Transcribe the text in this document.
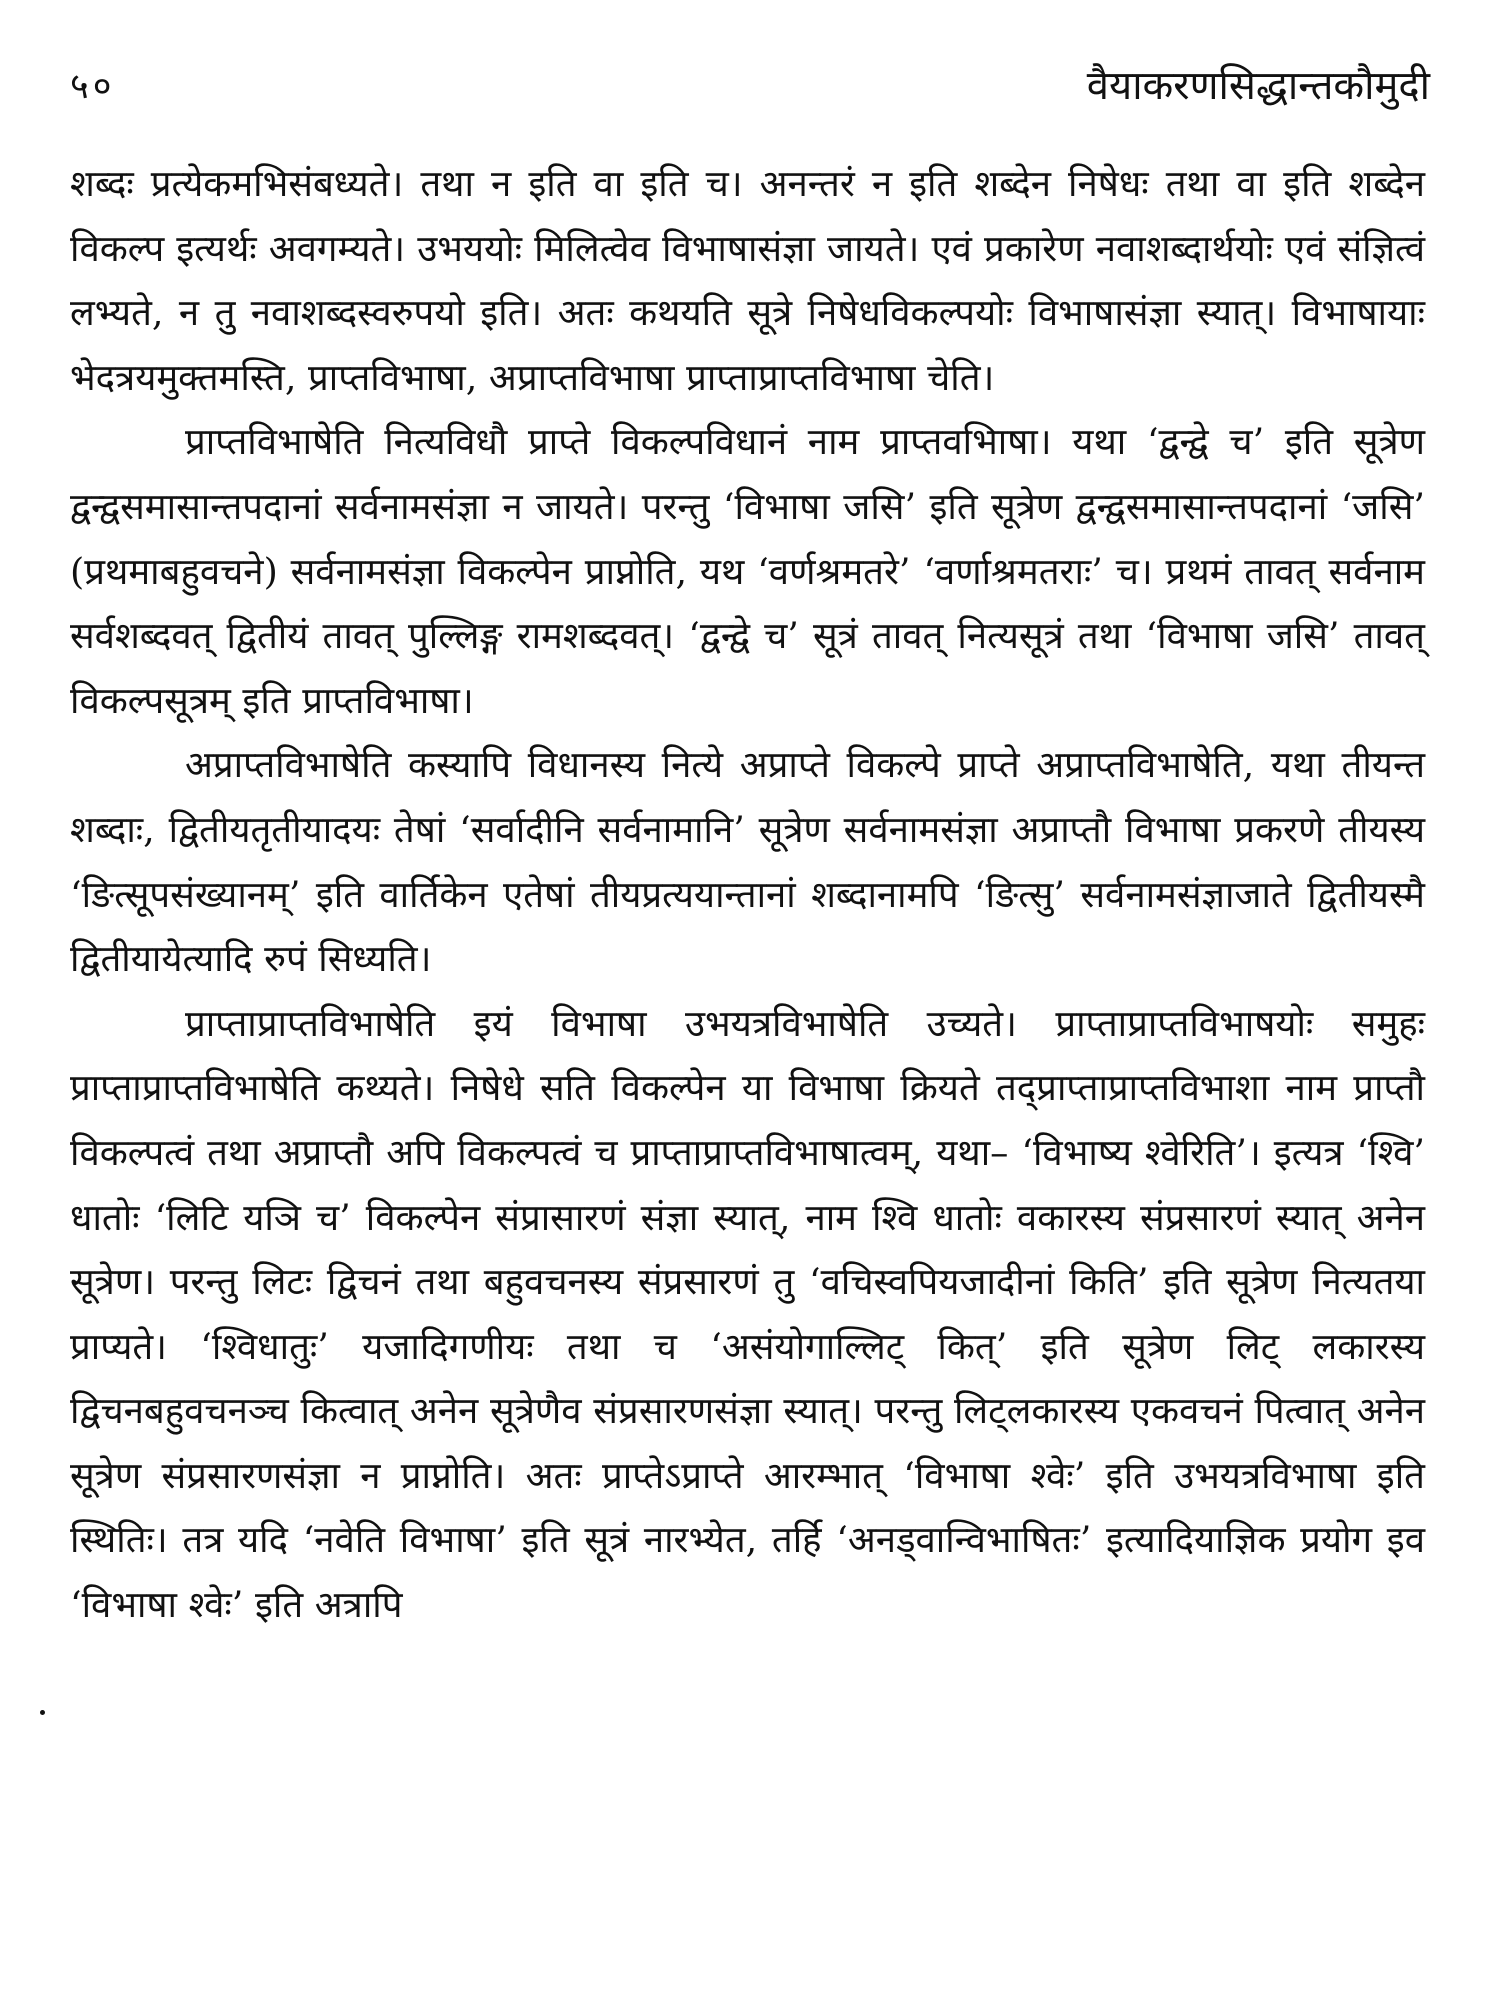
५०	वैयाकरणसिद्धान्तकौमुदी

शब्दः प्रत्येकमभिसंबध्यते। तथा न इति वा इति च। अनन्तरं न इति शब्देन निषेधः तथा वा इति शब्देन विकल्प इत्यर्थः अवगम्यते। उभययोः मिलित्वेव विभाषासंज्ञा जायते। एवं प्रकारेण नवाशब्दार्थयोः एवं संज्ञित्वं लभ्यते, न तु नवाशब्दस्वरुपयो इति। अतः कथयति सूत्रे निषेधविकल्पयोः विभाषासंज्ञा स्यात्। विभाषायाः भेदत्रयमुक्तमस्ति, प्राप्तविभाषा, अप्राप्तविभाषा प्राप्ताप्राप्तविभाषा चेति।

प्राप्तविभाषेति नित्यविधौ प्राप्ते विकल्पविधानं नाम प्राप्तवभिाषा। यथा ‘द्वन्द्वे च’ इति सूत्रेण द्वन्द्वसमासान्तपदानां सर्वनामसंज्ञा न जायते। परन्तु ‘विभाषा जसि’ इति सूत्रेण द्वन्द्वसमासान्तपदानां ‘जसि’ (प्रथमाबहुवचने) सर्वनामसंज्ञा विकल्पेन प्राप्नोति, यथ ‘वर्णश्रमतरे’ ‘वर्णाश्रमतराः’ च। प्रथमं तावत् सर्वनाम सर्वशब्दवत् द्वितीयं तावत् पुल्लिङ्ग रामशब्दवत्। ‘द्वन्द्वे च’ सूत्रं तावत् नित्यसूत्रं तथा ‘विभाषा जसि’ तावत् विकल्पसूत्रम् इति प्राप्तविभाषा।

अप्राप्तविभाषेति कस्यापि विधानस्य नित्ये अप्राप्ते विकल्पे प्राप्ते अप्राप्तविभाषेति, यथा तीयन्त शब्दाः, द्वितीयतृतीयादयः तेषां ‘सर्वादीनि सर्वनामानि’ सूत्रेण सर्वनामसंज्ञा अप्राप्तौ विभाषा प्रकरणे तीयस्य ‘ङित्सूपसंख्यानम्’ इति वार्तिकेन एतेषां तीयप्रत्ययान्तानां शब्दानामपि ‘ङित्सु’ सर्वनामसंज्ञाजाते द्वितीयस्मै द्वितीयायेत्यादि रुपं सिध्यति।

प्राप्ताप्राप्तविभाषेति इयं विभाषा उभयत्रविभाषेति उच्यते। प्राप्ताप्राप्तविभाषयोः समुहः प्राप्ताप्राप्तविभाषेति कथ्यते। निषेधे सति विकल्पेन या विभाषा क्रियते तद्प्राप्ताप्राप्तविभाशा नाम प्राप्तौ विकल्पत्वं तथा अप्राप्तौ अपि विकल्पत्वं च प्राप्ताप्राप्तविभाषात्वम्, यथा– ‘विभाष्य श्वेरिति’। इत्यत्र ‘श्वि’ धातोः ‘लिटि यञि च’ विकल्पेन संप्रासारणं संज्ञा स्यात्, नाम श्वि धातोः वकारस्य संप्रसारणं स्यात् अनेन सूत्रेण। परन्तु लिटः द्विचनं तथा बहुवचनस्य संप्रसारणं तु ‘वचिस्वपियजादीनां किति’ इति सूत्रेण नित्यतया प्राप्यते। ‘श्विधातुः’ यजादिगणीयः तथा च ‘असंयोगाल्लिट् कित्’ इति सूत्रेण लिट् लकारस्य द्विचनबहुवचनञ्च कित्वात् अनेन सूत्रेणैव संप्रसारणसंज्ञा स्यात्। परन्तु लिट्लकारस्य एकवचनं पित्वात् अनेन सूत्रेण संप्रसारणसंज्ञा न प्राप्नोति। अतः प्राप्तेऽप्राप्ते आरम्भात् ‘विभाषा श्वेः’ इति उभयत्रविभाषा इति स्थितिः। तत्र यदि ‘नवेति विभाषा’ इति सूत्रं नारभ्येत, तर्हि ‘अनड्वान्विभाषितः’ इत्यादियाज्ञिक प्रयोग इव ‘विभाषा श्वेः’ इति अत्रापि
